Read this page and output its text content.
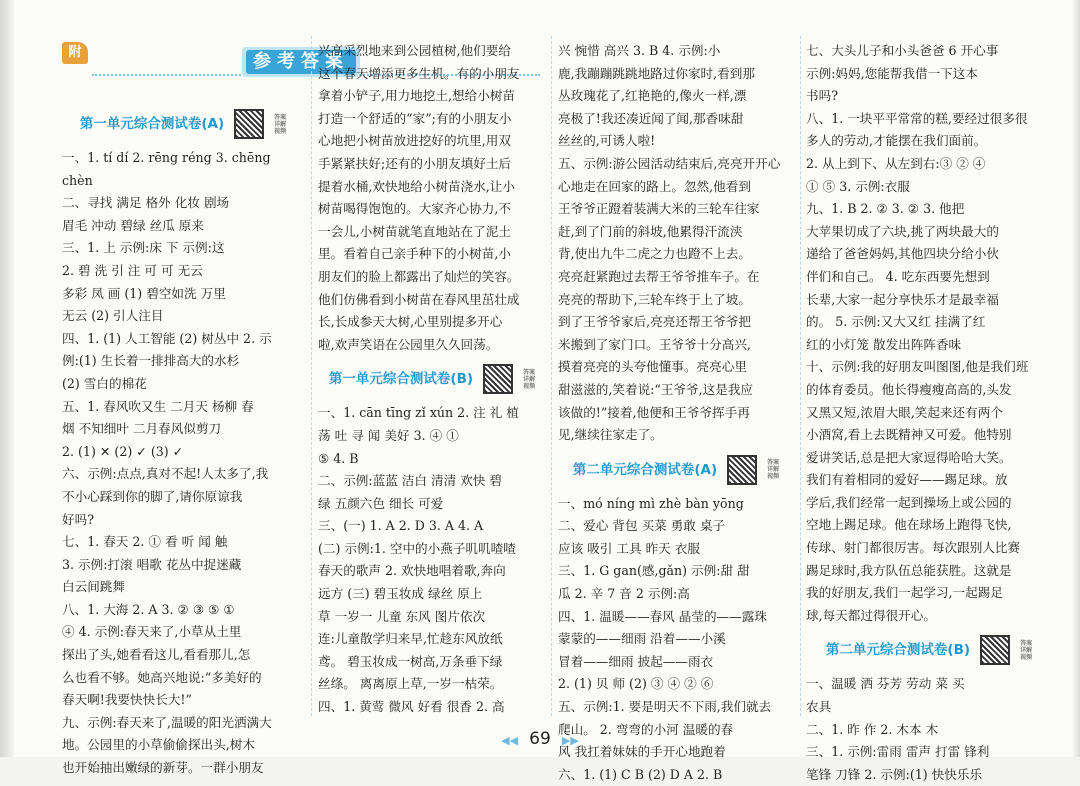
附	参考答案
第一单元综合测试卷(A)	答案详解视频
一、1. tí dí 2. rēng réng 3. chēng
chèn
二、寻找 满足 格外 化妆 剧场
眉毛 冲动 碧绿 丝瓜 原来
三、1. 上 示例:床 下 示例:这
2. 碧 洗 引 注 可 可 无云
多彩 凤 画 (1) 碧空如洗 万里
无云 (2) 引人注目
四、1. (1) 人工智能 (2) 树丛中 2. 示
例:(1) 生长着一排排高大的水杉
(2) 雪白的棉花
五、1. 春风吹又生 二月天 杨柳 春
烟 不知细叶 二月春风似剪刀
2. (1) ✕ (2) ✓ (3) ✓
六、示例:点点,真对不起!人太多了,我
不小心踩到你的脚了,请你原谅我
好吗?
七、1. 春天 2. ① 看 听 闻 触
3. 示例:打滚 唱歌 花丛中捉迷藏
白云间跳舞
八、1. 大海 2. A 3. ② ③ ⑤ ①
④ 4. 示例:春天来了,小草从土里
探出了头,她看看这儿,看看那儿,怎
么也看不够。她高兴地说:“多美好的
春天啊!我要快快长大!”
九、示例:春天来了,温暖的阳光洒满大
地。公园里的小草偷偷探出头,树木
也开始抽出嫩绿的新芽。一群小朋友
兴高采烈地来到公园植树,他们要给
这个春天增添更多生机。有的小朋友
拿着小铲子,用力地挖土,想给小树苗
打造一个舒适的“家”;有的小朋友小
心地把小树苗放进挖好的坑里,用双
手紧紧扶好;还有的小朋友填好土后
提着水桶,欢快地给小树苗浇水,让小
树苗喝得饱饱的。大家齐心协力,不
一会儿,小树苗就笔直地站在了泥土
里。看着自己亲手种下的小树苗,小
朋友们的脸上都露出了灿烂的笑容。
他们仿佛看到小树苗在春风里茁壮成
长,长成参天大树,心里别提多开心
啦,欢声笑语在公园里久久回荡。
第一单元综合测试卷(B)	答案详解视频
一、1. cān tīng zǐ xún 2. 注 礼 植
荡 吐 寻 闻 美好 3. ④ ①
⑤ 4. B
二、示例:蓝蓝 洁白 清清 欢快 碧
绿 五颜六色 细长 可爱
三、(一) 1. A 2. D 3. A 4. A
(二) 示例:1. 空中的小燕子叽叽喳喳
春天的歌声 2. 欢快地唱着歌,奔向
远方 (三) 碧玉妆成 绿丝 原上
草 一岁一 儿童 东风 图片依次
连:儿童散学归来早,忙趁东风放纸
鸢。 碧玉妆成一树高,万条垂下绿
丝绦。 离离原上草,一岁一枯荣。
四、1. 黄莺 微风 好看 很香 2. 高
兴 惋惜 高兴 3. B 4. 示例:小
鹿,我蹦蹦跳跳地路过你家时,看到那
丛玫瑰花了,红艳艳的,像火一样,漂
亮极了!我还凑近闻了闻,那香味甜
丝丝的,可诱人啦!
五、示例:游公园活动结束后,亮亮开开心
心地走在回家的路上。忽然,他看到
王爷爷正蹬着装满大米的三轮车往家
赶,到了门前的斜坡,他累得汗流浃
背,使出九牛二虎之力也蹬不上去。
亮亮赶紧跑过去帮王爷爷推车子。在
亮亮的帮助下,三轮车终于上了坡。
到了王爷爷家后,亮亮还帮王爷爷把
米搬到了家门口。王爷爷十分高兴,
摸着亮亮的头夸他懂事。亮亮心里
甜滋滋的,笑着说:“王爷爷,这是我应
该做的!”接着,他便和王爷爷挥手再
见,继续往家走了。
第二单元综合测试卷(A)	答案详解视频
一、mó níng mì zhè bàn yōng
二、爱心 背包 买菜 勇敢 桌子
应该 吸引 工具 昨天 衣服
三、1. G gan(感,gǎn) 示例:甜 甜
瓜 2. 辛 7 音 2 示例:高
四、1. 温暖——春风 晶莹的——露珠
蒙蒙的——细雨 沿着——小溪
冒着——细雨 披起——雨衣
2. (1) 贝 师 (2) ③ ④ ② ⑥
五、示例:1. 要是明天不下雨,我们就去
爬山。 2. 弯弯的小河 温暖的春
风 我扛着妹妹的手开心地跑着
六、1. (1) C B (2) D A 2. B
七、大头儿子和小头爸爸 6 开心事
示例:妈妈,您能帮我借一下这本
书吗?
八、1. 一块平平常常的糕,要经过很多很
多人的劳动,才能摆在我们面前。
2. 从上到下、从左到右:③ ② ④
① ⑤ 3. 示例:衣服
九、1. B 2. ② 3. ② 3. 他把
大苹果切成了六块,挑了两块最大的
递给了爸爸妈妈,其他四块分给小伙
伴们和自己。 4. 吃东西要先想到
长辈,大家一起分享快乐才是最幸福
的。 5. 示例:又大又红 挂满了红
红的小灯笼 散发出阵阵香味
十、示例:我的好朋友叫图图,他是我们班
的体育委员。他长得瘦瘦高高的,头发
又黑又短,浓眉大眼,笑起来还有两个
小酒窝,看上去既精神又可爱。他特别
爱讲笑话,总是把大家逗得哈哈大笑。
我们有着相同的爱好——踢足球。放
学后,我们经常一起到操场上或公园的
空地上踢足球。他在球场上跑得飞快,
传球、射门都很厉害。每次跟别人比赛
踢足球时,我方队伍总能获胜。这就是
我的好朋友,我们一起学习,一起踢足
球,每天都过得很开心。
第二单元综合测试卷(B)	答案详解视频
一、温暖 洒 芬芳 劳动 菜 买
农具
二、1. 昨 作 2. 木本 木
三、1. 示例:雷雨 雷声 打雷 锋利
笔锋 刀锋 2. 示例:(1) 快快乐乐
◀◀ 69 ▶▶
